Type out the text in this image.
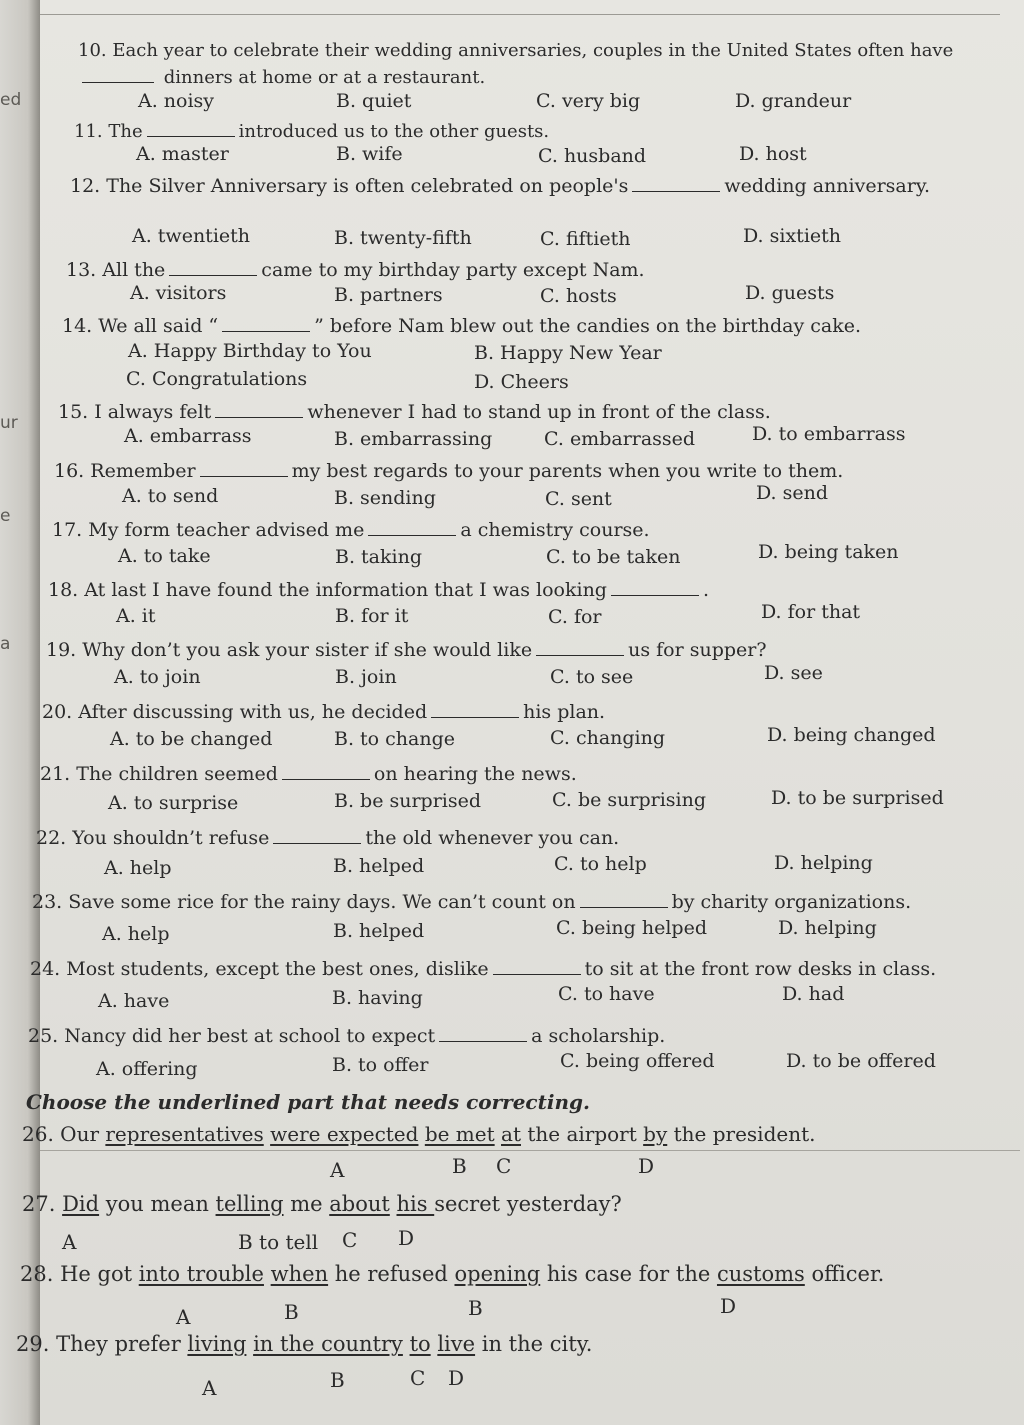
ed
ur
e
a
10. Each year to celebrate their wedding anniversaries, couples in the United States often have
dinners at home or at a restaurant.
A. noisy	B. quiet	C. very big	D. grandeur
11. The	introduced us to the other guests.
A. master	B. wife	C. husband	D. host
12. The Silver Anniversary is often celebrated on people's	wedding anniversary.
A. twentieth	B. twenty-fifth	C. fiftieth	D. sixtieth
13. All the	came to my birthday party except Nam.
A. visitors	B. partners	C. hosts	D. guests
14. We all said “	” before Nam blew out the candies on the birthday cake.
A. Happy Birthday to You	B. Happy New Year
C. Congratulations	D. Cheers
15. I always felt	whenever I had to stand up in front of the class.
A. embarrass	B. embarrassing	C. embarrassed	D. to embarrass
16. Remember	my best regards to your parents when you write to them.
A. to send	B. sending	C. sent	D. send
17. My form teacher advised me	a chemistry course.
A. to take	B. taking	C. to be taken	D. being taken
18. At last I have found the information that I was looking	.
A. it	B. for it	C. for	D. for that
19. Why don’t you ask your sister if she would like	us for supper?
A. to join	B. join	C. to see	D. see
20. After discussing with us, he decided	his plan.
A. to be changed	B. to change	C. changing	D. being changed
21. The children seemed	on hearing the news.
A. to surprise	B. be surprised	C. be surprising	D. to be surprised
22. You shouldn’t refuse	the old whenever you can.
A. help	B. helped	C. to help	D. helping
23. Save some rice for the rainy days. We can’t count on	by charity organizations.
A. help	B. helped	C. being helped	D. helping
24. Most students, except the best ones, dislike	to sit at the front row desks in class.
A. have	B. having	C. to have	D. had
25. Nancy did her best at school to expect	a scholarship.
A. offering	B. to offer	C. being offered	D. to be offered
Choose the underlined part that needs correcting.
26. Our representatives were expected be met at the airport by the president.
A	B C	D
27. Did you mean telling me about his secret yesterday?
A	B to tell C D
28. He got into trouble when he refused opening his case for the customs officer.
A	B	B	D
29. They prefer living in the country to live in the city.
A	B	C D
